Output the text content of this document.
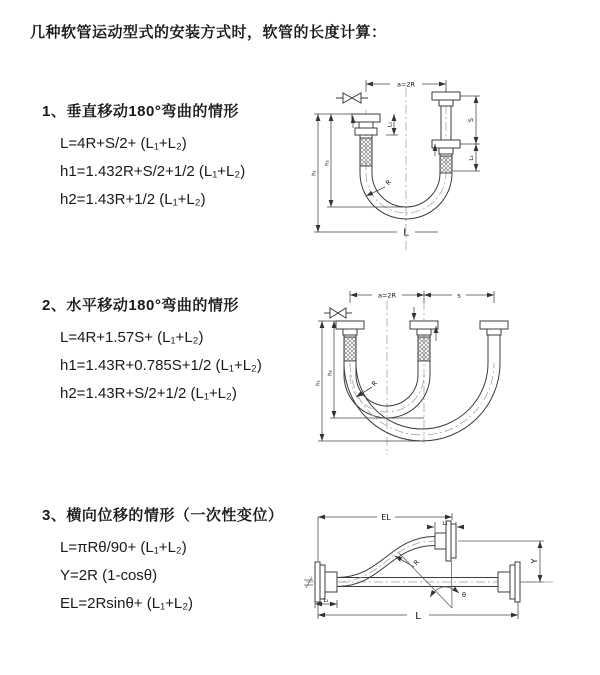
几种软管运动型式的安装方式时，软管的长度计算：
1、垂直移动180°弯曲的情形
L=4R+S/2+ (L₁+L₂)
h1=1.432R+S/2+1/2 (L₁+L₂)
h2=1.43R+1/2 (L₁+L₂)
2、水平移动180°弯曲的情形
L=4R+1.57S+ (L₁+L₂)
h1=1.43R+0.785S+1/2 (L₁+L₂)
h2=1.43R+S/2+1/2 (L₁+L₂)
3、横向位移的情形（一次性变位）
L=πRθ/90+ (L₁+L₂)
Y=2R (1-cosθ)
EL=2Rsinθ+ (L₁+L₂)
a=2R
h₁
h₂
L₁
S
L₂
R
L
a=2R	s
h₁
h₂
R
EL
L₂
R
θ
Y
L
L₁
